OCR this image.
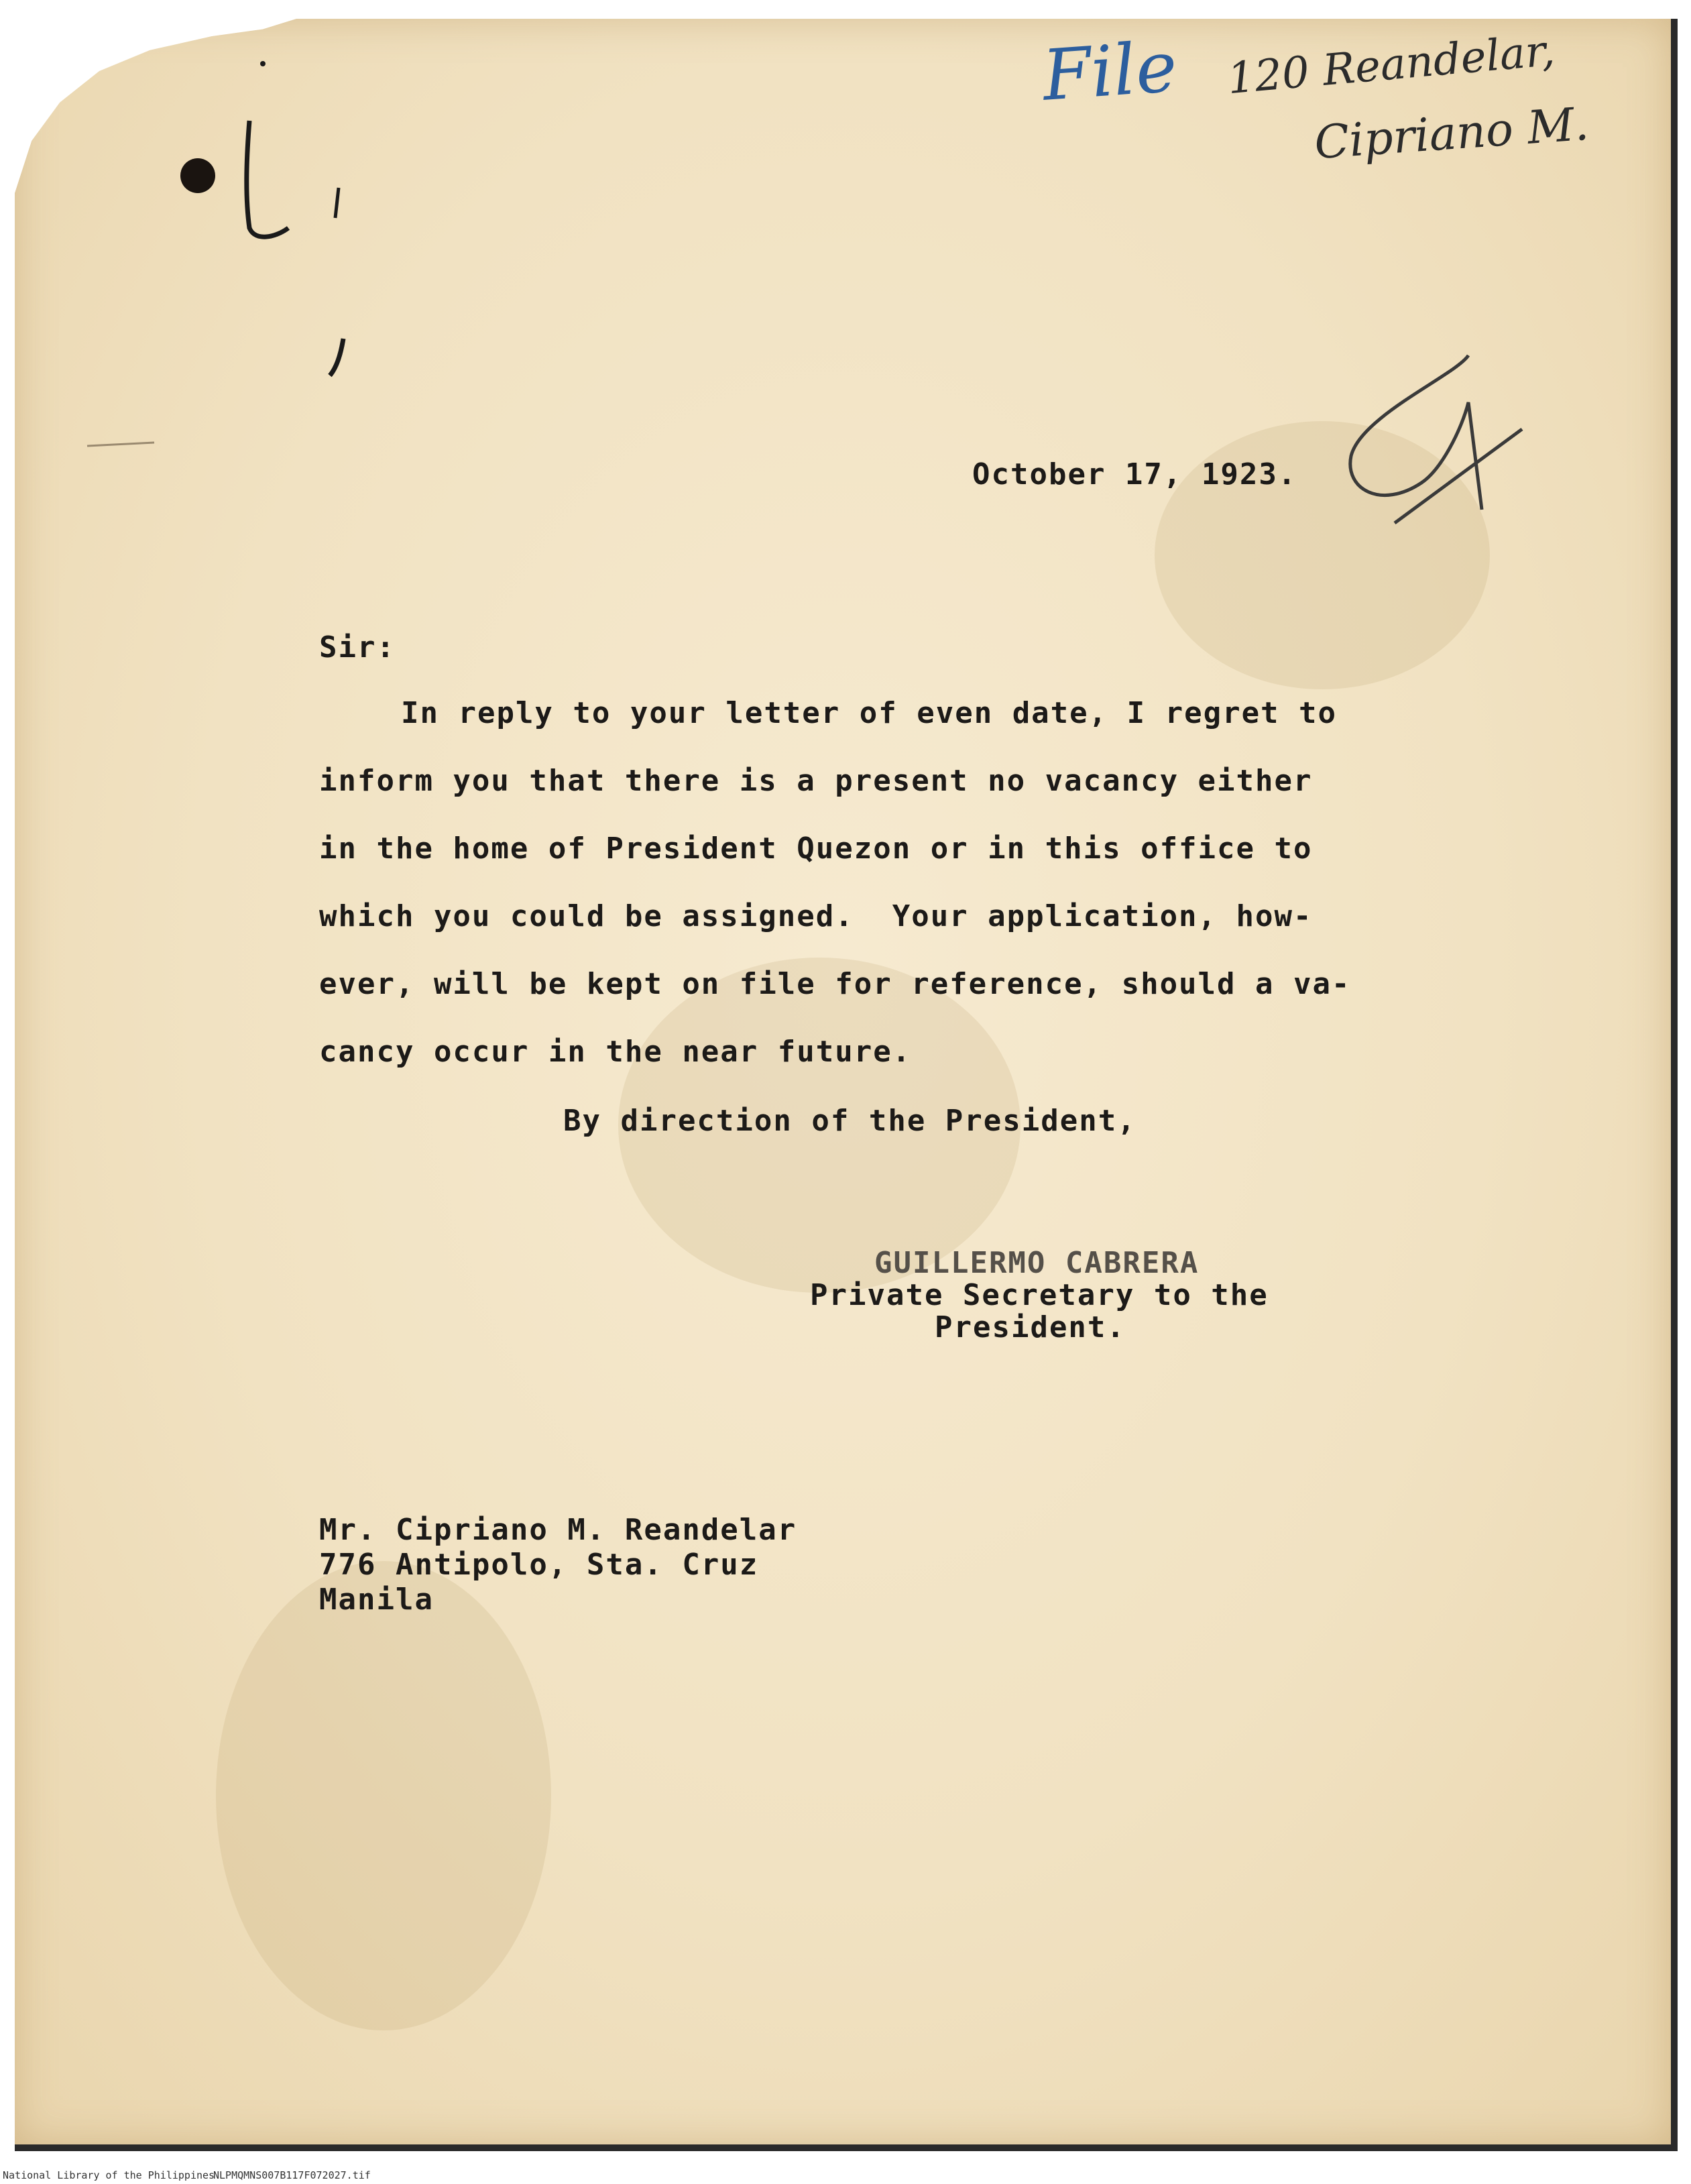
File 120 Reandelar,
Cipriano M.
October 17, 1923.
Sir:
In reply to your letter of even date, I regret to
inform you that there is a present no vacancy either
in the home of President Quezon or in this office to
which you could be assigned.  Your application, how-
ever, will be kept on file for reference, should a va-
cancy occur in the near future.
By direction of the President,
GUILLERMO CABRERA
Private Secretary to the
President.
Mr. Cipriano M. Reandelar
776 Antipolo, Sta. Cruz
Manila
National Library of the Philippines
NLPMQMNS007B117F072027.tif
